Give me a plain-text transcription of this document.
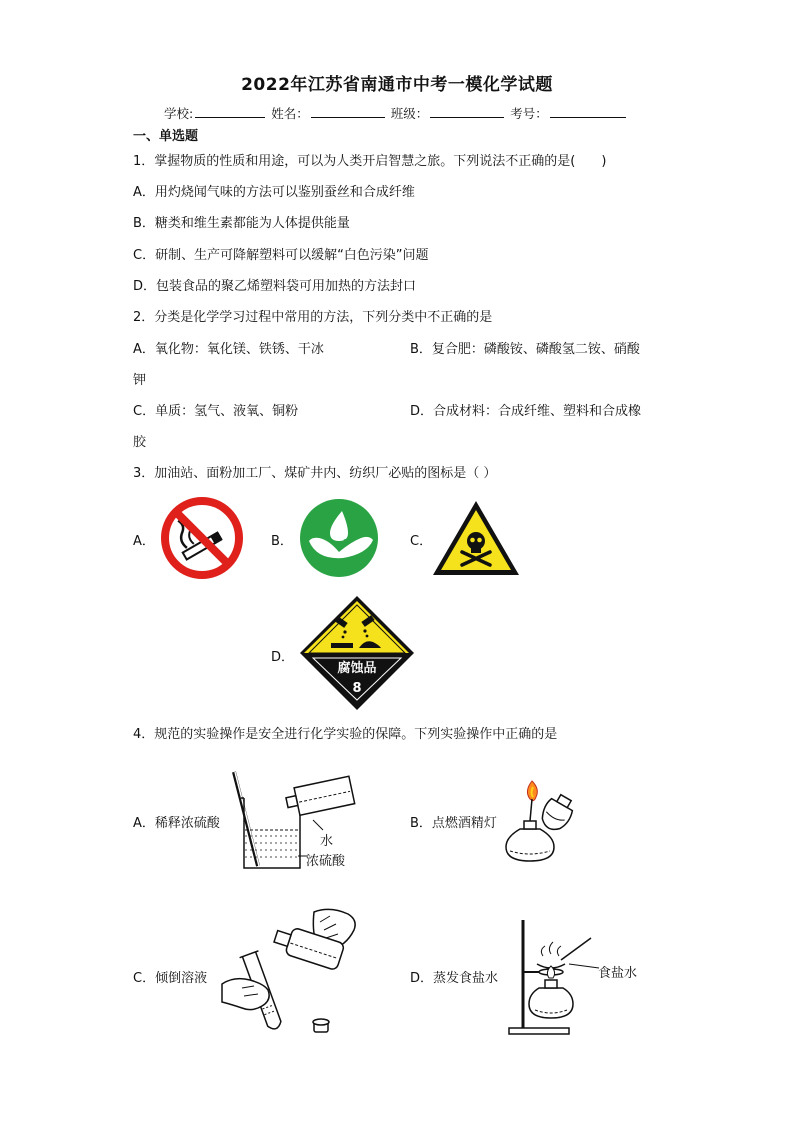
2022年江苏省南通市中考一模化学试题
学校:	姓名：	班级：	考号：
一、单选题
1．掌握物质的性质和用途，可以为人类开启智慧之旅。下列说法不正确的是(　　)
A．用灼烧闻气味的方法可以鉴别蚕丝和合成纤维
B．糖类和维生素都能为人体提供能量
C．研制、生产可降解塑料可以缓解“白色污染”问题
D．包装食品的聚乙烯塑料袋可用加热的方法封口
2．分类是化学学习过程中常用的方法，下列分类中不正确的是
A．氧化物：氧化镁、铁锈、干冰	B．复合肥：磷酸铵、磷酸氢二铵、硝酸
钾
C．单质：氢气、液氧、铜粉	D．合成材料：合成纤维、塑料和合成橡
胶
3．加油站、面粉加工厂、煤矿井内、纺织厂必贴的图标是（ ）
A．	B．	C．
D．
腐蚀品
8
4．规范的实验操作是安全进行化学实验的保障。下列实验操作中正确的是
A．稀释浓硫酸
水
浓硫酸
B．点燃酒精灯
C．倾倒溶液	D．蒸发食盐水	食盐水
